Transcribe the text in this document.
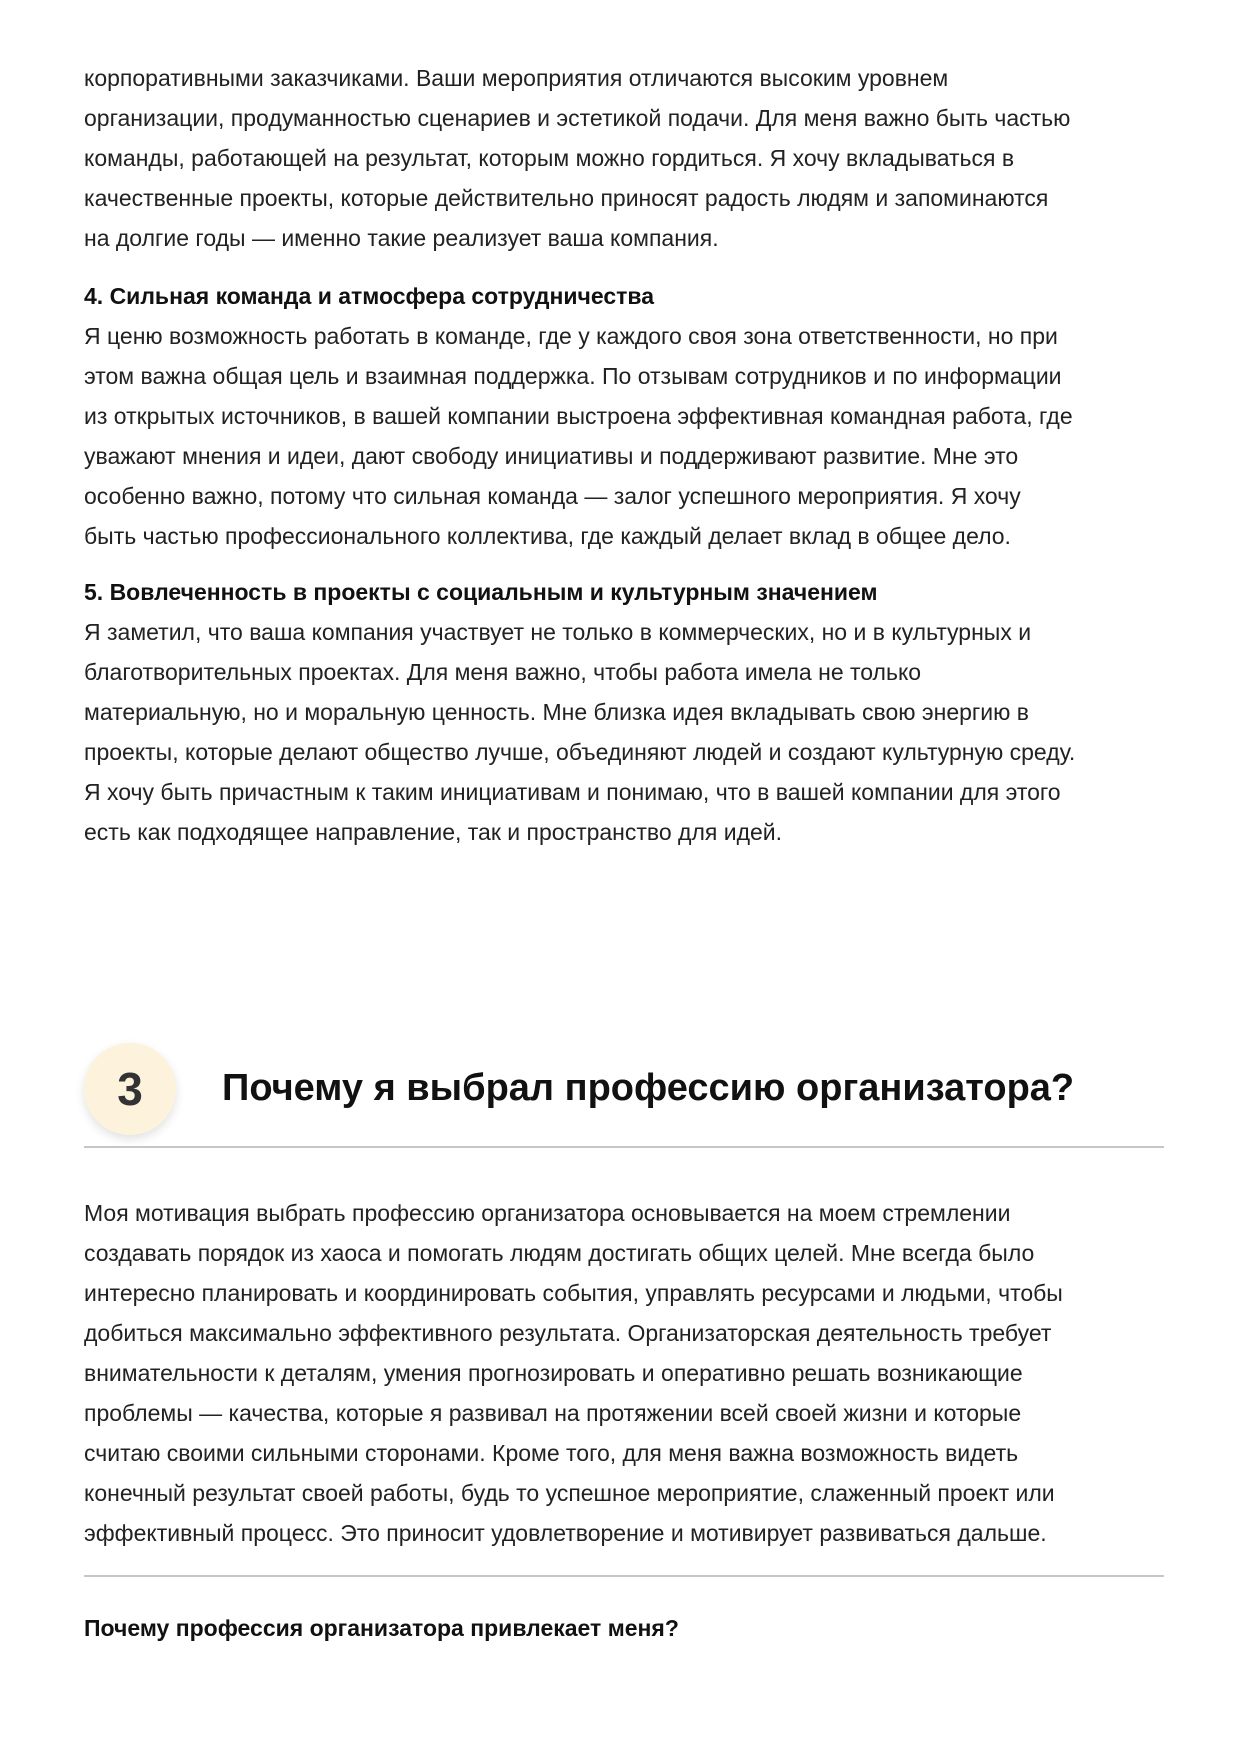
корпоративными заказчиками. Ваши мероприятия отличаются высоким уровнем
организации, продуманностью сценариев и эстетикой подачи. Для меня важно быть частью
команды, работающей на результат, которым можно гордиться. Я хочу вкладываться в
качественные проекты, которые действительно приносят радость людям и запоминаются
на долгие годы — именно такие реализует ваша компания.
4. Сильная команда и атмосфера сотрудничества
Я ценю возможность работать в команде, где у каждого своя зона ответственности, но при
этом важна общая цель и взаимная поддержка. По отзывам сотрудников и по информации
из открытых источников, в вашей компании выстроена эффективная командная работа, где
уважают мнения и идеи, дают свободу инициативы и поддерживают развитие. Мне это
особенно важно, потому что сильная команда — залог успешного мероприятия. Я хочу
быть частью профессионального коллектива, где каждый делает вклад в общее дело.
5. Вовлеченность в проекты с социальным и культурным значением
Я заметил, что ваша компания участвует не только в коммерческих, но и в культурных и
благотворительных проектах. Для меня важно, чтобы работа имела не только
материальную, но и моральную ценность. Мне близка идея вкладывать свою энергию в
проекты, которые делают общество лучше, объединяют людей и создают культурную среду.
Я хочу быть причастным к таким инициативам и понимаю, что в вашей компании для этого
есть как подходящее направление, так и пространство для идей.
3	Почему я выбрал профессию организатора?
Моя мотивация выбрать профессию организатора основывается на моем стремлении
создавать порядок из хаоса и помогать людям достигать общих целей. Мне всегда было
интересно планировать и координировать события, управлять ресурсами и людьми, чтобы
добиться максимально эффективного результата. Организаторская деятельность требует
внимательности к деталям, умения прогнозировать и оперативно решать возникающие
проблемы — качества, которые я развивал на протяжении всей своей жизни и которые
считаю своими сильными сторонами. Кроме того, для меня важна возможность видеть
конечный результат своей работы, будь то успешное мероприятие, слаженный проект или
эффективный процесс. Это приносит удовлетворение и мотивирует развиваться дальше.
Почему профессия организатора привлекает меня?
